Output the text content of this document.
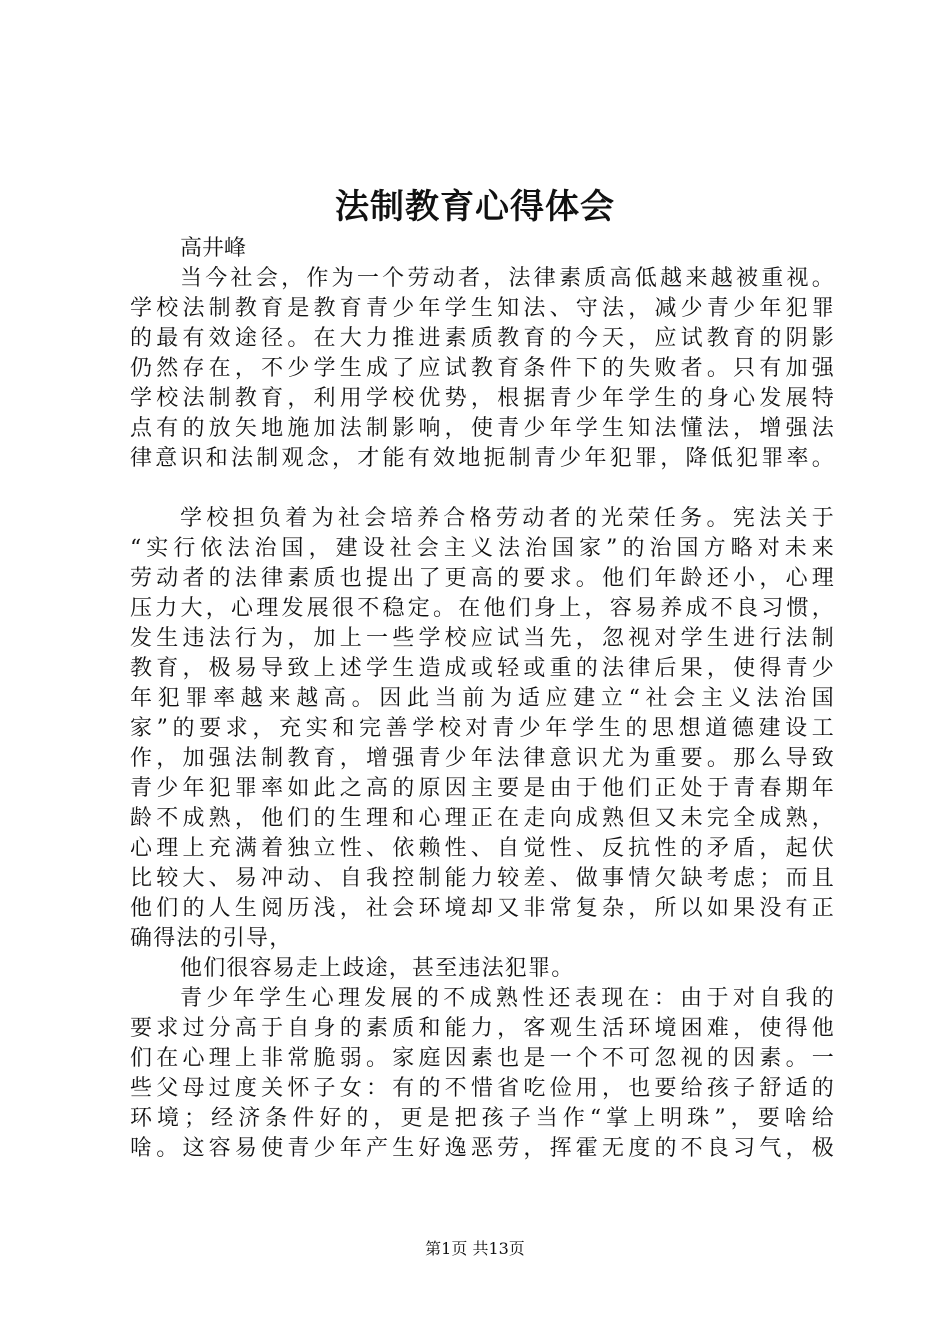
法制教育心得体会
高井峰
当今社会，作为一个劳动者，法律素质高低越来越被重视。
学校法制教育是教育青少年学生知法、守法，减少青少年犯罪
的最有效途径。在大力推进素质教育的今天，应试教育的阴影
仍然存在，不少学生成了应试教育条件下的失败者。只有加强
学校法制教育，利用学校优势，根据青少年学生的身心发展特
点有的放矢地施加法制影响，使青少年学生知法懂法，增强法
律意识和法制观念，才能有效地扼制青少年犯罪，降低犯罪率。
学校担负着为社会培养合格劳动者的光荣任务。宪法关于
“实行依法治国，建设社会主义法治国家”的治国方略对未来
劳动者的法律素质也提出了更高的要求。他们年龄还小，心理
压力大，心理发展很不稳定。在他们身上，容易养成不良习惯，
发生违法行为，加上一些学校应试当先，忽视对学生进行法制
教育，极易导致上述学生造成或轻或重的法律后果，使得青少
年犯罪率越来越高。因此当前为适应建立“社会主义法治国
家”的要求，充实和完善学校对青少年学生的思想道德建设工
作，加强法制教育，增强青少年法律意识尤为重要。那么导致
青少年犯罪率如此之高的原因主要是由于他们正处于青春期年
龄不成熟，他们的生理和心理正在走向成熟但又未完全成熟，
心理上充满着独立性、依赖性、自觉性、反抗性的矛盾，起伏
比较大、易冲动、自我控制能力较差、做事情欠缺考虑；而且
他们的人生阅历浅，社会环境却又非常复杂，所以如果没有正
确得法的引导，
他们很容易走上歧途，甚至违法犯罪。
青少年学生心理发展的不成熟性还表现在：由于对自我的
要求过分高于自身的素质和能力，客观生活环境困难，使得他
们在心理上非常脆弱。家庭因素也是一个不可忽视的因素。一
些父母过度关怀子女：有的不惜省吃俭用，也要给孩子舒适的
环境；经济条件好的，更是把孩子当作“掌上明珠”，要啥给
啥。这容易使青少年产生好逸恶劳，挥霍无度的不良习气，极
第1页 共13页
